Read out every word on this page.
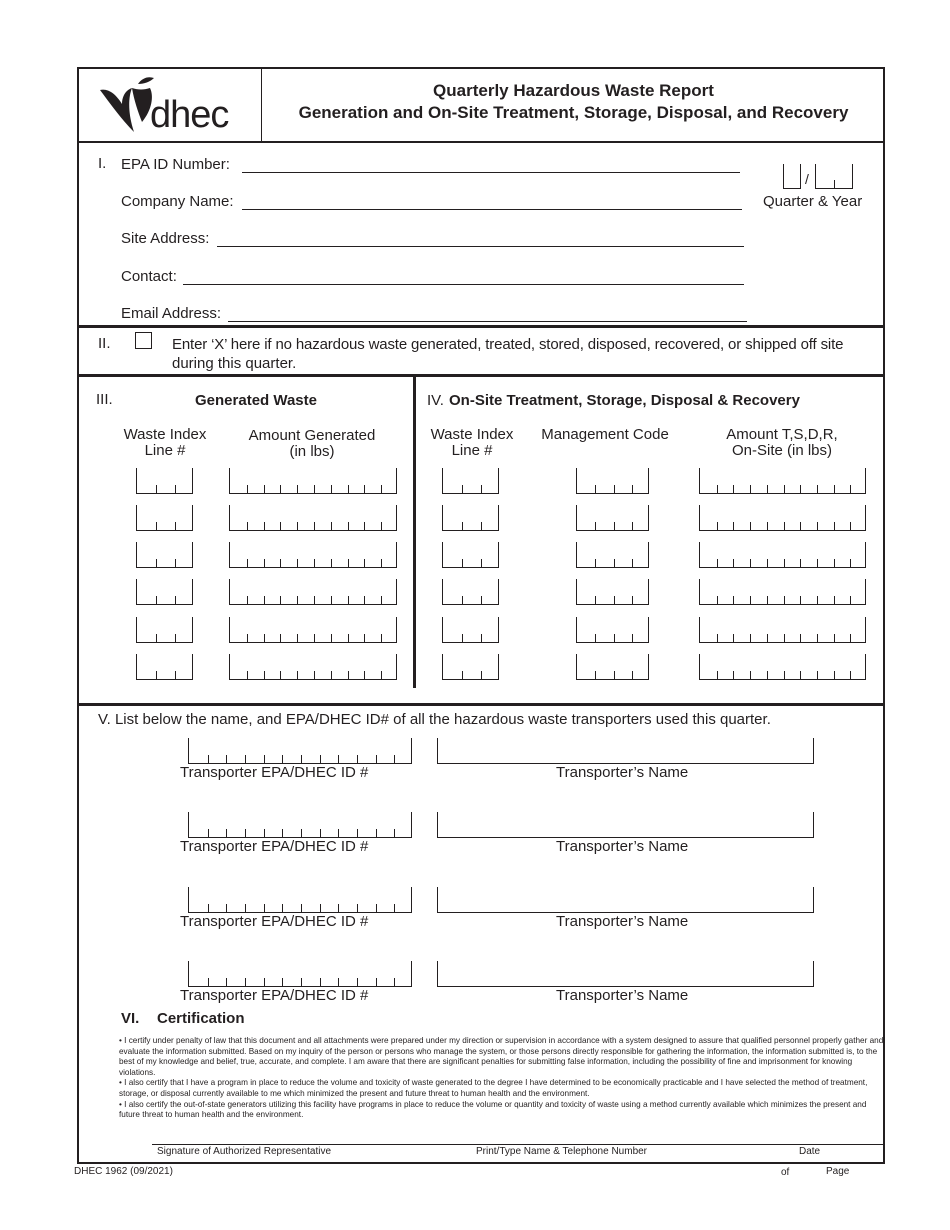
dhec
Quarterly Hazardous Waste Report
Generation and On-Site Treatment, Storage, Disposal, and Recovery
I. EPA ID Number:
Company Name:
Site Address:
Contact:
Email Address:
/
Quarter & Year
II.	Enter ‘X’ here if no hazardous waste generated, treated, stored, disposed, recovered, or shipped off site
during this quarter.
III.	Generated Waste
Waste Index
Line #
Amount Generated
(in lbs)
IV. On-Site Treatment, Storage, Disposal & Recovery
Waste Index
Line #
Management Code	Amount T,S,D,R,
On-Site (in lbs)
V. List below the name, and EPA/DHEC ID# of all the hazardous waste transporters used this quarter.
Transporter EPA/DHEC ID #	Transporter’s Name
Transporter EPA/DHEC ID #	Transporter’s Name
Transporter EPA/DHEC ID #	Transporter’s Name
Transporter EPA/DHEC ID #	Transporter’s Name
VI. Certification

• I certify under penalty of law that this document and all attachments were prepared under my direction or supervision in accordance with a system designed to assure that qualified personnel properly gather and evaluate the information submitted. Based on my inquiry of the person or persons who manage the system, or those persons directly responsible for gathering the information, the information submitted is, to the best of my knowledge and belief, true, accurate, and complete. I am aware that there are significant penalties for submitting false information, including the possibility of fine and imprisonment for knowing violations.

• I also certify that I have a program in place to reduce the volume and toxicity of waste generated to the degree I have determined to be economically practicable and I have selected the method of treatment, storage, or disposal currently available to me which minimized the present and future threat to human health and the environment.

• I also certify the out-of-state generators utilizing this facility have programs in place to reduce the volume or quantity and toxicity of waste using a method currently available which minimizes the present and future threat to human health and the environment.

Signature of Authorized Representative	Print/Type Name & Telephone Number	Date
DHEC 1962 (09/2021)	of	Page
